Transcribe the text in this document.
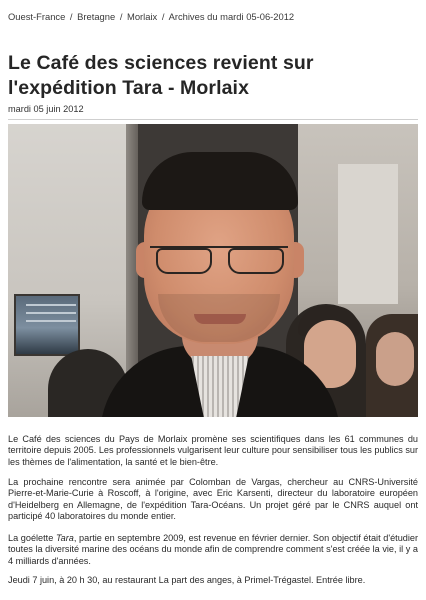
Ouest-France / Bretagne / Morlaix / Archives du mardi 05-06-2012
Le Café des sciences revient sur l'expédition Tara - Morlaix
mardi 05 juin 2012

Le Café des sciences du Pays de Morlaix promène ses scientifiques dans les 61 communes du territoire depuis 2005. Les professionnels vulgarisent leur culture pour sensibiliser tous les publics sur les thèmes de l'alimentation, la santé et le bien-être.

La prochaine rencontre sera animée par Colomban de Vargas, chercheur au CNRS-Université Pierre-et-Marie-Curie à Roscoff, à l'origine, avec Eric Karsenti, directeur du laboratoire européen d'Heidelberg en Allemagne, de l'expédition Tara-Océans. Un projet géré par le CNRS auquel ont participé 40 laboratoires du monde entier.

La goélette Tara, partie en septembre 2009, est revenue en février dernier. Son objectif était d'étudier toutes la diversité marine des océans du monde afin de comprendre comment s'est créée la vie, il y a 4 milliards d'années.

Jeudi 7 juin, à 20 h 30, au restaurant La part des anges, à Primel-Trégastel. Entrée libre.
